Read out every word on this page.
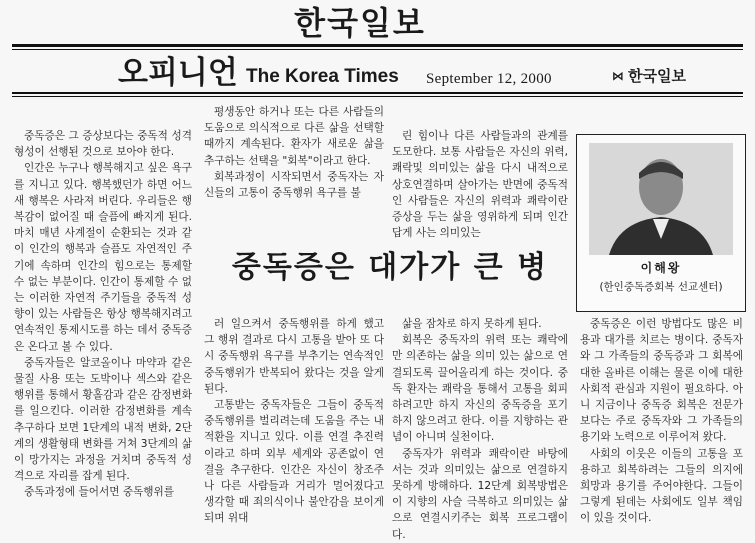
한국일보
오피니언 The Korea Times September 12, 2000	⋈ 한국일보

중독증은 그 증상보다는 중독적 성격형성이 선행된 것으로 보아야 한다.

인간은 누구나 행복해지고 싶은 욕구를 지니고 있다. 행복했던가 하면 어느새 행복은 사라져 버린다. 우리들은 행복감이 없어질 때 슬픔에 빠지게 된다. 마치 매년 사계절이 순환되는 것과 같이 인간의 행복과 슬픔도 자연적인 주기에 속하며 인간의 힘으로는 통제할 수 없는 부분이다. 인간이 통제할 수 없는 이러한 자연적 주기들을 중독적 성향이 있는 사람들은 항상 행복해지려고 연속적인 통제시도를 하는 데서 중독증은 온다고 볼 수 있다.

중독자들은 알코올이나 마약과 같은 물질 사용 또는 도박이나 섹스와 같은 행위를 통해서 황홀감과 같은 감정변화를 일으킨다. 이러한 감정변화를 계속 추구하다 보면 1단계의 내적 변화, 2단계의 생활형태 변화를 거쳐 3단계의 삶이 망가지는 과정을 거치며 중독적 성격으로 자리를 잡게 된다.

중독과정에 들어서면 중독행위를

평생동안 하거나 또는 다른 사람들의 도움으로 의식적으로 다른 삶을 선택할 때까지 계속된다. 환자가 새로운 삶을 추구하는 선택을 "회복"이라고 한다.

회복과정이 시작되면서 중독자는 자신들의 고통이 중독행위 욕구를 불

린 힘이나 다른 사람들과의 관계를 도모한다. 보통 사람들은 자신의 위력, 쾌락및 의미있는 삶을 다시 내적으로 상호연결하며 살아가는 반면에 중독적인 사람들은 자신의 위력과 쾌락이란 증상을 두는 삶을 영위하게 되며 인간답게 사는 의미있는

중독증은 대가가 큰 병	이해왕
(한인중독증회복 선교센터)

러 일으켜서 중독행위를 하게 했고 그 행위 결과로 다시 고통을 받아 또 다시 중독행위 욕구를 부추기는 연속적인 중독행위가 반복되어 왔다는 것을 알게 된다.

고통받는 중독자들은 그들이 중독적 중독행위를 벌리려는데 도움을 주는 내적환을 지니고 있다. 이를 연결 추진력이라고 하며 외부 세계와 공존없이 연결을 추구한다. 인간은 자신이 창조주나 다른 사람들과 거리가 멀어졌다고 생각할 때 죄의식이나 불안감을 보이게 되며 위대

삶을 잠차로 하지 못하게 된다.

회복은 중독자의 위력 또는 쾌락에만 의존하는 삶을 의미 있는 삶으로 연결되도록 끌어올리게 하는 것이다. 중독 환자는 쾌락을 통해서 고통을 회피하려고만 하지 자신의 중독증을 포기하지 않으려고 한다. 이를 지향하는 관념이 아니며 실천이다.

중독자가 위력과 쾌락이란 바탕에 서는 것과 의미있는 삶으로 연결하지 못하게 방해하다. 12단계 회복방법은 이 지향의 사슬 극복하고 의미있는 삶으로 연결시키주는 회복 프로그램이다.

중독증은 이런 방법다도 많은 비용과 대가를 치르는 병이다. 중독자와 그 가족들의 중독증과 그 회복에 대한 올바른 이해는 물론 이에 대한 사회적 관심과 지원이 필요하다. 아니 지금이나 중독증 회복은 전문가 보다는 주로 중독자와 그 가족들의 용기와 노력으로 이루어져 왔다.

사회의 이웃은 이들의 고통을 포용하고 회복하려는 그들의 의지에 희망과 용기를 주어야한다. 그들이 그렇게 된데는 사회에도 일부 책임이 있을 것이다.
